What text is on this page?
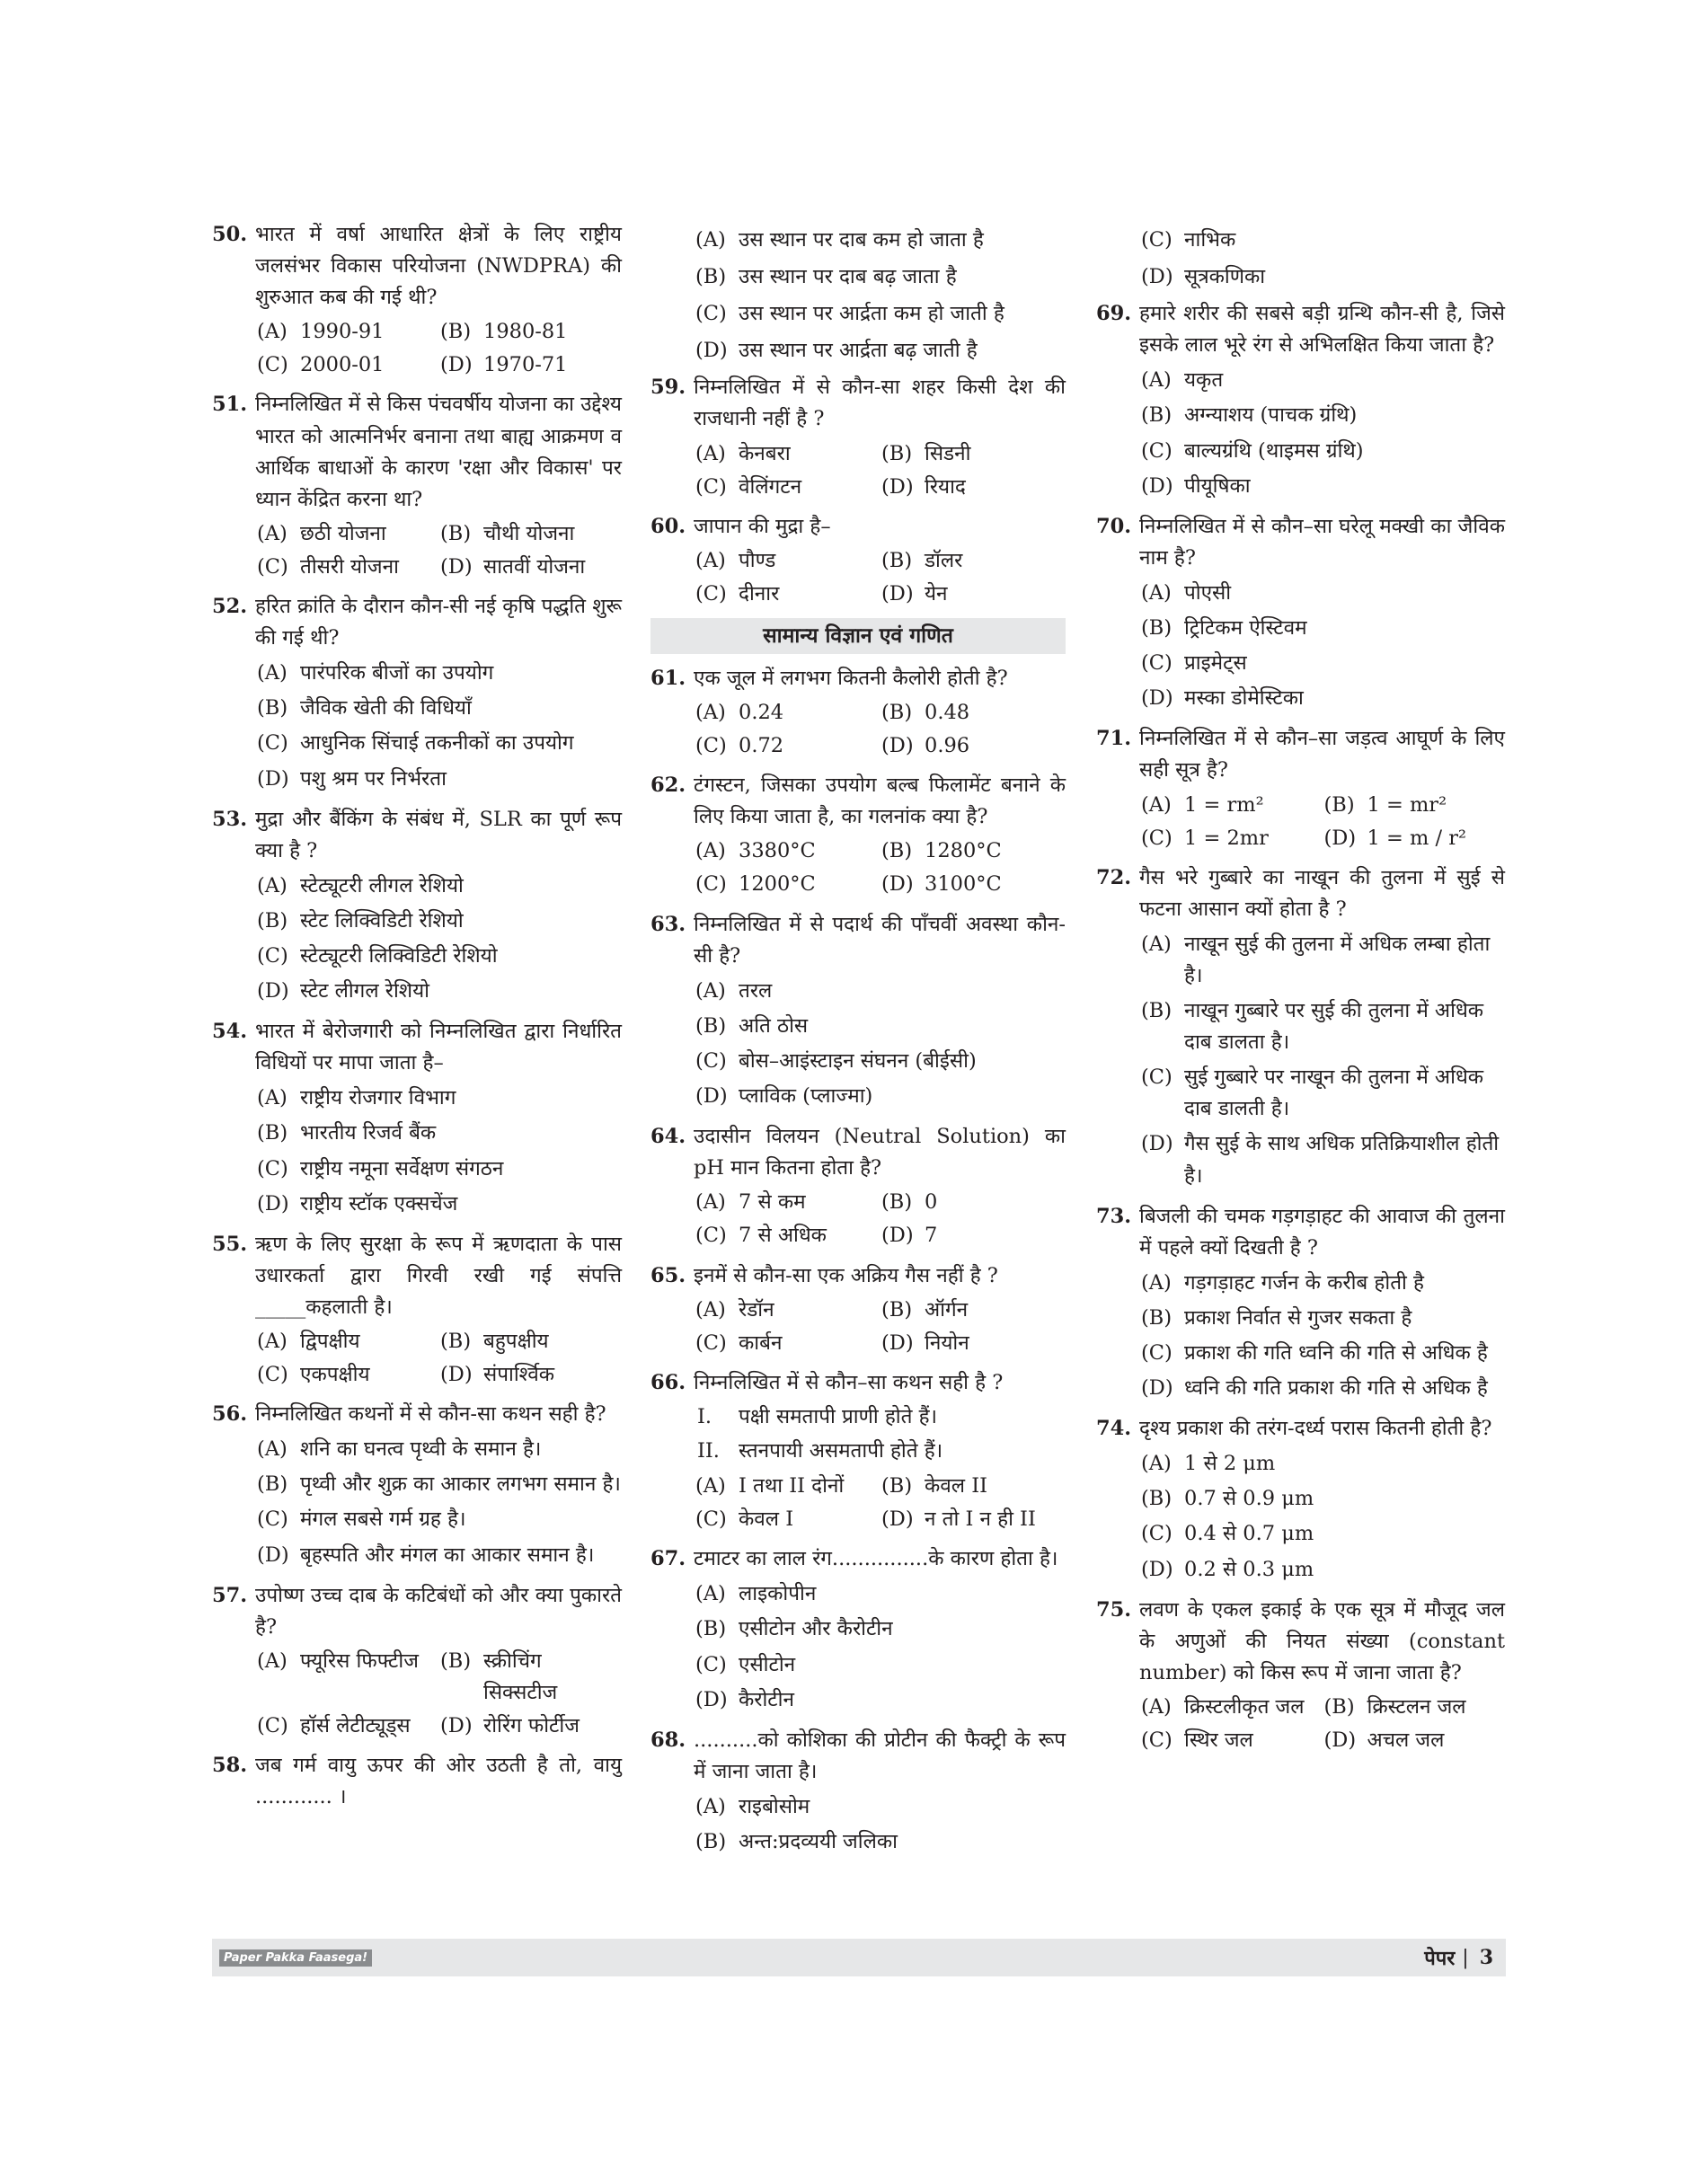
50. भारत में वर्षा आधारित क्षेत्रों के लिए राष्ट्रीय जलसंभर विकास परियोजना (NWDPRA) की शुरुआत कब की गई थी?
(A) 1990-91	(B) 1980-81
(C) 2000-01	(D) 1970-71
51. निम्नलिखित में से किस पंचवर्षीय योजना का उद्देश्य भारत को आत्मनिर्भर बनाना तथा बाह्य आक्रमण व आर्थिक बाधाओं के कारण 'रक्षा और विकास' पर ध्यान केंद्रित करना था?
(A) छठी योजना	(B) चौथी योजना
(C) तीसरी योजना	(D) सातवीं योजना
52. हरित क्रांति के दौरान कौन-सी नई कृषि पद्धति शुरू की गई थी?
(A) पारंपरिक बीजों का उपयोग
(B) जैविक खेती की विधियाँ
(C) आधुनिक सिंचाई तकनीकों का उपयोग
(D) पशु श्रम पर निर्भरता
53. मुद्रा और बैंकिंग के संबंध में, SLR का पूर्ण रूप क्या है ?
(A) स्टेट्यूटरी लीगल रेशियो
(B) स्टेट लिक्विडिटी रेशियो
(C) स्टेट्यूटरी लिक्विडिटी रेशियो
(D) स्टेट लीगल रेशियो
54. भारत में बेरोजगारी को निम्नलिखित द्वारा निर्धारित विधियों पर मापा जाता है–
(A) राष्ट्रीय रोजगार विभाग
(B) भारतीय रिजर्व बैंक
(C) राष्ट्रीय नमूना सर्वेक्षण संगठन
(D) राष्ट्रीय स्टॉक एक्सचेंज
55. ऋण के लिए सुरक्षा के रूप में ऋणदाता के पास उधारकर्ता द्वारा गिरवी रखी गई संपत्ति _____कहलाती है।
(A) द्विपक्षीय	(B) बहुपक्षीय
(C) एकपक्षीय	(D) संपार्श्विक
56. निम्नलिखित कथनों में से कौन-सा कथन सही है?
(A) शनि का घनत्व पृथ्वी के समान है।
(B) पृथ्वी और शुक्र का आकार लगभग समान है।
(C) मंगल सबसे गर्म ग्रह है।
(D) बृहस्पति और मंगल का आकार समान है।
57. उपोष्ण उच्च दाब के कटिबंधों को और क्या पुकारते है?
(A) फ्यूरिस फिफ्टीज	(B) स्क्रीचिंग सिक्सटीज
(C) हॉर्स लेटीट्यूड्स	(D) रोरिंग फोर्टीज
58. जब गर्म वायु ऊपर की ओर उठती है तो, वायु ............ ।
(A) उस स्थान पर दाब कम हो जाता है
(B) उस स्थान पर दाब बढ़ जाता है
(C) उस स्थान पर आर्द्रता कम हो जाती है
(D) उस स्थान पर आर्द्रता बढ़ जाती है
59. निम्नलिखित में से कौन-सा शहर किसी देश की राजधानी नहीं है ?
(A) केनबरा	(B) सिडनी
(C) वेलिंगटन	(D) रियाद
60. जापान की मुद्रा है–
(A) पौण्ड	(B) डॉलर
(C) दीनार	(D) येन
सामान्य विज्ञान एवं गणित
61. एक जूल में लगभग कितनी कैलोरी होती है?
(A) 0.24	(B) 0.48
(C) 0.72	(D) 0.96
62. टंगस्टन, जिसका उपयोग बल्ब फिलामेंट बनाने के लिए किया जाता है, का गलनांक क्या है?
(A) 3380°C	(B) 1280°C
(C) 1200°C	(D) 3100°C
63. निम्नलिखित में से पदार्थ की पाँचवीं अवस्था कौन-सी है?
(A) तरल
(B) अति ठोस
(C) बोस–आइंस्टाइन संघनन (बीईसी)
(D) प्लाविक (प्लाज्मा)
64. उदासीन विलयन (Neutral Solution) का pH मान कितना होता है?
(A) 7 से कम	(B) 0
(C) 7 से अधिक	(D) 7
65. इनमें से कौन-सा एक अक्रिय गैस नहीं है ?
(A) रेडॉन	(B) ऑर्गन
(C) कार्बन	(D) नियोन
66. निम्नलिखित में से कौन–सा कथन सही है ?
I.	पक्षी समतापी प्राणी होते हैं।
II. स्तनपायी असमतापी होते हैं।
(A) I तथा II दोनों	(B) केवल II
(C) केवल I	(D) न तो I न ही II
67. टमाटर का लाल रंग...............के कारण होता है।
(A) लाइकोपीन
(B) एसीटोन और कैरोटीन
(C) एसीटोन
(D) कैरोटीन
68. ..........को कोशिका की प्रोटीन की फैक्ट्री के रूप में जाना जाता है।
(A) राइबोसोम
(B) अन्त:प्रदव्ययी जलिका
(C) नाभिक
(D) सूत्रकणिका
69. हमारे शरीर की सबसे बड़ी ग्रन्थि कौन-सी है, जिसे इसके लाल भूरे रंग से अभिलक्षित किया जाता है?
(A) यकृत
(B) अग्न्याशय (पाचक ग्रंथि)
(C) बाल्यग्रंथि (थाइमस ग्रंथि)
(D) पीयूषिका
70. निम्नलिखित में से कौन–सा घरेलू मक्खी का जैविक नाम है?
(A) पोएसी
(B) ट्रिटिकम ऐस्टिवम
(C) प्राइमेट्स
(D) मस्का डोमेस्टिका
71. निम्नलिखित में से कौन–सा जड़त्व आघूर्ण के लिए सही सूत्र है?
(A) 1 = rm²	(B) 1 = mr²
(C) 1 = 2mr	(D) 1 = m / r²
72. गैस भरे गुब्बारे का नाखून की तुलना में सुई से फटना आसान क्यों होता है ?
(A) नाखून सुई की तुलना में अधिक लम्बा होता है।
(B) नाखून गुब्बारे पर सुई की तुलना में अधिक दाब डालता है।
(C) सुई गुब्बारे पर नाखून की तुलना में अधिक दाब डालती है।
(D) गैस सुई के साथ अधिक प्रतिक्रियाशील होती है।
73. बिजली की चमक गड़गड़ाहट की आवाज की तुलना में पहले क्यों दिखती है ?
(A) गड़गड़ाहट गर्जन के करीब होती है
(B) प्रकाश निर्वात से गुजर सकता है
(C) प्रकाश की गति ध्वनि की गति से अधिक है
(D) ध्वनि की गति प्रकाश की गति से अधिक है
74. दृश्य प्रकाश की तरंग-दर्ध्य परास कितनी होती है?
(A) 1 से 2 μm
(B) 0.7 से 0.9 μm
(C) 0.4 से 0.7 μm
(D) 0.2 से 0.3 μm
75. लवण के एकल इकाई के एक सूत्र में मौजूद जल के अणुओं की नियत संख्या (constant number) को किस रूप में जाना जाता है?
(A) क्रिस्टलीकृत जल (B) क्रिस्टलन जल
(C) स्थिर जल	(D) अचल जल
Paper Pakka Faasega!	पेपर | 3
